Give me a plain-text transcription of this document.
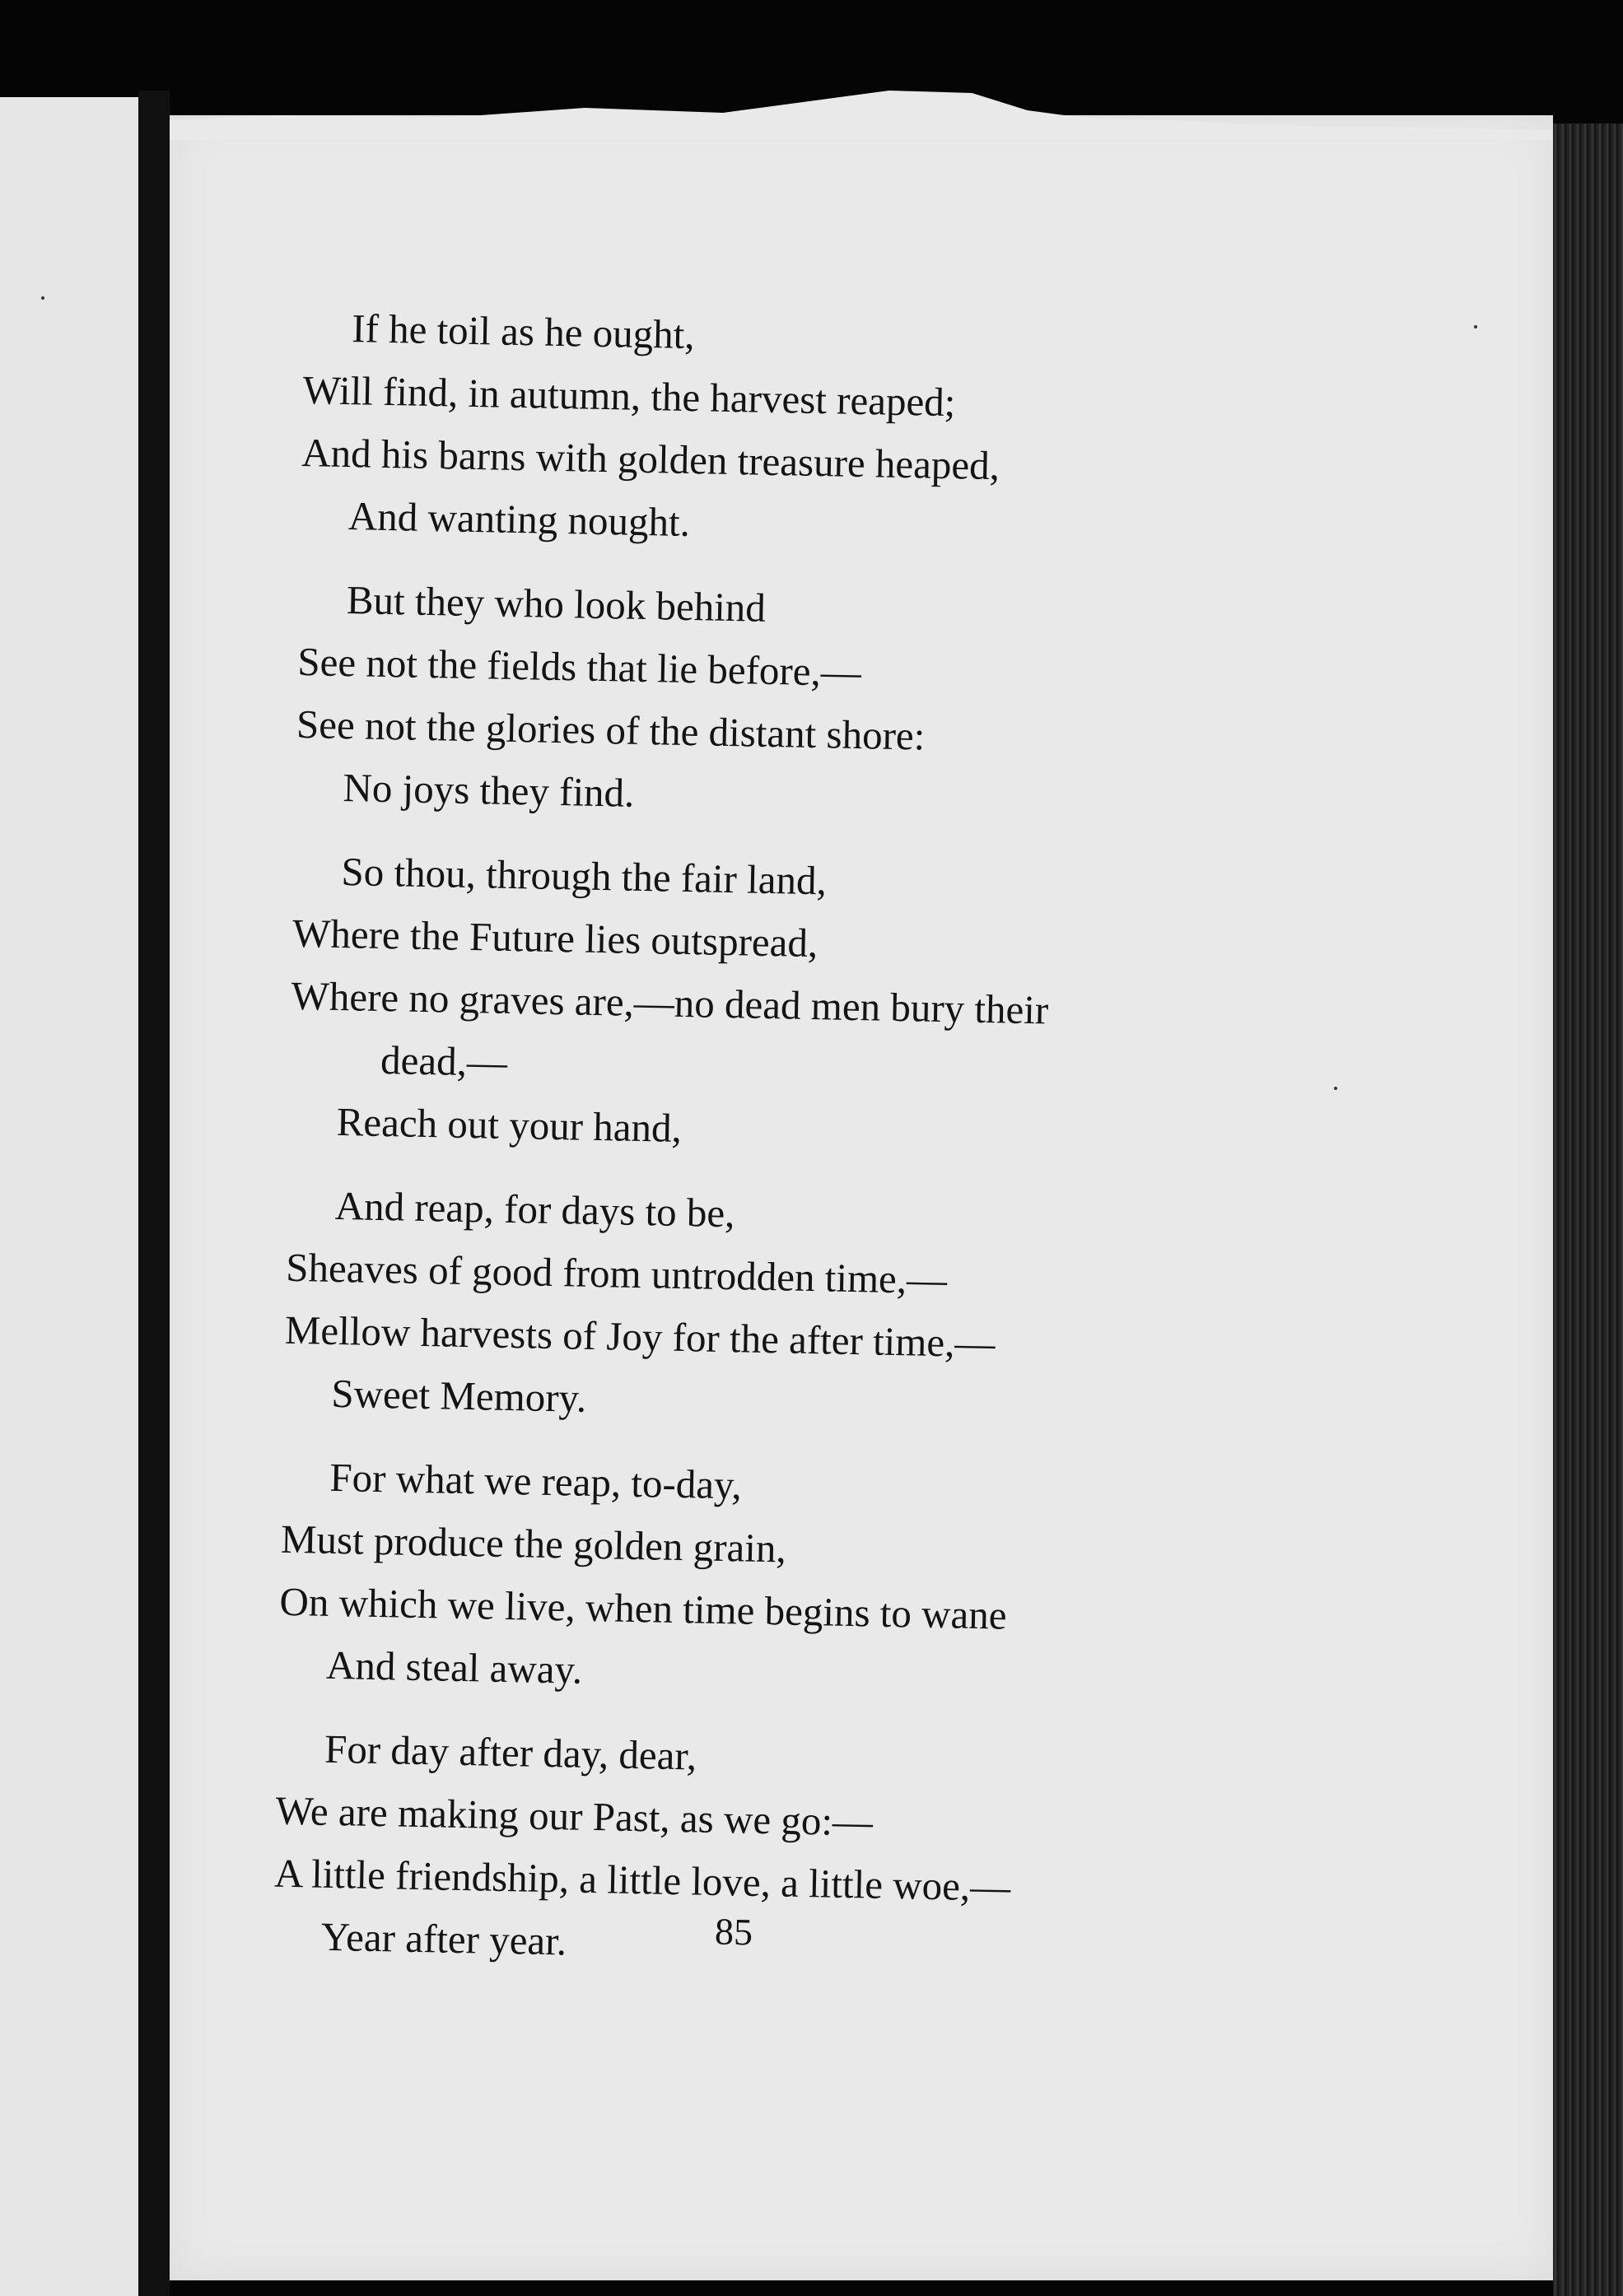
If he toil as he ought,
Will find, in autumn, the harvest reaped;
And his barns with golden treasure heaped,
And wanting nought.
But they who look behind
See not the fields that lie before,—
See not the glories of the distant shore:
No joys they find.
So thou, through the fair land,
Where the Future lies outspread,
Where no graves are,—no dead men bury their
dead,—
Reach out your hand,
And reap, for days to be,
Sheaves of good from untrodden time,—
Mellow harvests of Joy for the after time,—
Sweet Memory.
For what we reap, to-day,
Must produce the golden grain,
On which we live, when time begins to wane
And steal away.
For day after day, dear,
We are making our Past, as we go:—
A little friendship, a little love, a little woe,—
Year after year.	85
